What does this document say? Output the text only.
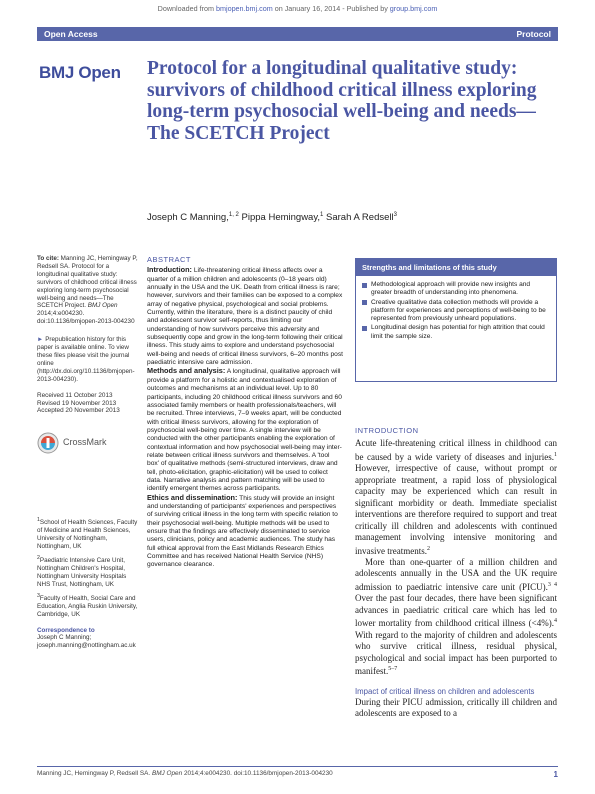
Downloaded from bmjopen.bmj.com on January 16, 2014 - Published by group.bmj.com
Open Access	Protocol
BMJ Open Protocol for a longitudinal qualitative study: survivors of childhood critical illness exploring long-term psychosocial well-being and needs—The SCETCH Project
Joseph C Manning,$^{1, 2}$ Pippa Hemingway,$^1$ Sarah A Redsell$^3$

To cite: Manning JC, Hemingway P, Redsell SA. Protocol for a longitudinal qualitative study: survivors of childhood critical illness exploring long-term psychosocial well-being and needs—The SCETCH Project. BMJ Open 2014;4:e004230. doi:10.1136/bmjopen-2013-004230

► Prepublication history for this paper is available online. To view these files please visit the journal online (http://dx.doi.org/10.1136/bmjopen-2013-004230).

Received 11 October 2013
Revised 19 November 2013
Accepted 20 November 2013
CrossMark

$^1$School of Health Sciences, Faculty of Medicine and Health Sciences, University of Nottingham, Nottingham, UK

$^2$Paediatric Intensive Care Unit, Nottingham Children's Hospital, Nottingham University Hospitals NHS Trust, Nottingham, UK

$^3$Faculty of Health, Social Care and Education, Anglia Ruskin University, Cambridge, UK

Correspondence to
Joseph C Manning; joseph.manning@nottingham.ac.uk
ABSTRACT

Introduction: Life-threatening critical illness affects over a quarter of a million children and adolescents (0–18 years old) annually in the USA and the UK. Death from critical illness is rare; however, survivors and their families can be exposed to a complex array of negative physical, psychological and social problems. Currently, within the literature, there is a distinct paucity of child and adolescent survivor self-reports, thus limiting our understanding of how survivors perceive this adversity and subsequently cope and grow in the long-term following their critical illness. This study aims to explore and understand psychosocial well-being and needs of critical illness survivors, 6–20 months post paediatric intensive care admission.

Methods and analysis: A longitudinal, qualitative approach will provide a platform for a holistic and contextualised exploration of outcomes and mechanisms at an individual level. Up to 80 participants, including 20 childhood critical illness survivors and 60 associated family members or health professionals/teachers, will be recruited. Three interviews, 7–9 weeks apart, will be conducted with critical illness survivors, allowing for the exploration of psychosocial well-being over time. A single interview will be conducted with the other participants enabling the exploration of contextual information and how psychosocial well-being may inter-relate between critical illness survivors and themselves. A 'tool box' of qualitative methods (semi-structured interviews, draw and tell, photo-elicitation, graphic-elicitation) will be used to collect data. Narrative analysis and pattern matching will be used to identify emergent themes across participants.

Ethics and dissemination: This study will provide an insight and understanding of participants' experiences and perspectives of surviving critical illness in the long term with specific relation to their psychosocial well-being. Multiple methods will be used to ensure that the findings are effectively disseminated to service users, clinicians, policy and academic audiences. The study has full ethical approval from the East Midlands Research Ethics Committee and has received National Health Service (NHS) governance clearance.

Strengths and limitations of this study
Methodological approach will provide new insights and greater breadth of understanding into phenomena.
Creative qualitative data collection methods will provide a platform for experiences and perceptions of well-being to be represented from previously unheard populations.
Longitudinal design has potential for high attrition that could limit the sample size.
INTRODUCTION

Acute life-threatening critical illness in childhood can be caused by a wide variety of diseases and injuries.$^1$ However, irrespective of cause, without prompt or appropriate treatment, a rapid loss of physiological capacity may be experienced which can result in significant morbidity or death. Immediate specialist interventions are therefore required to support and treat critically ill children and adolescents with continued management involving intensive monitoring and invasive treatments.$^2$

More than one-quarter of a million children and adolescents annually in the USA and the UK require admission to paediatric intensive care unit (PICU).$^{3 4}$ Over the past four decades, there have been significant advances in paediatric critical care which has led to lower mortality from childhood critical illness (<4%).$^4$ With regard to the majority of children and adolescents who survive critical illness, residual physical, psychological and social impact has been purported to manifest.$^{5-7}$

Impact of critical illness on children and adolescents

During their PICU admission, critically ill children and adolescents are exposed to a

Manning JC, Hemingway P, Redsell SA. BMJ Open 2014;4:e004230. doi:10.1136/bmjopen-2013-004230	1
